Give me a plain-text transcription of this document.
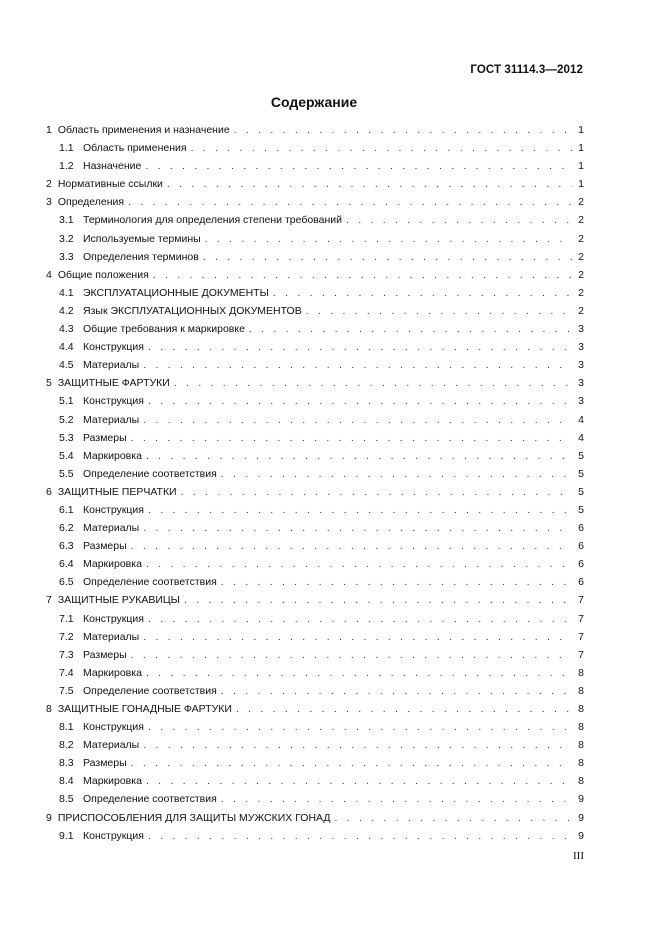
ГОСТ 31114.3—2012
Содержание
1 Область применения и назначение . . .	1
1.1 Область применения . . .	1
1.2 Назначение . . .	1
2 Нормативные ссылки . . .	1
3 Определения . . .	2
3.1 Терминология для определения степени требований . . .	2
3.2 Используемые термины . . .	2
3.3 Определения терминов . . .	2
4 Общие положения . . .	2
4.1 ЭКСПЛУАТАЦИОННЫЕ ДОКУМЕНТЫ . . .	2
4.2 Язык ЭКСПЛУАТАЦИОННЫХ ДОКУМЕНТОВ . . .	2
4.3 Общие требования к маркировке . . .	3
4.4 Конструкция . . .	3
4.5 Материалы . . .	3
5 ЗАЩИТНЫЕ ФАРТУКИ . . .	3
5.1 Конструкция . . .	3
5.2 Материалы . . .	4
5.3 Размеры . . .	4
5.4 Маркировка . . .	5
5.5 Определение соответствия . . .	5
6 ЗАЩИТНЫЕ ПЕРЧАТКИ . . .	5
6.1 Конструкция . . .	5
6.2 Материалы . . .	6
6.3 Размеры . . .	6
6.4 Маркировка . . .	6
6.5 Определение соответствия . . .	6
7 ЗАЩИТНЫЕ РУКАВИЦЫ . . .	7
7.1 Конструкция . . .	7
7.2 Материалы . . .	7
7.3 Размеры . . .	7
7.4 Маркировка . . .	8
7.5 Определение соответствия . . .	8
8 ЗАЩИТНЫЕ ГОНАДНЫЕ ФАРТУКИ . . .	8
8.1 Конструкция . . .	8
8.2 Материалы . . .	8
8.3 Размеры . . .	8
8.4 Маркировка . . .	8
8.5 Определение соответствия . . .	9
9 ПРИСПОСОБЛЕНИЯ ДЛЯ ЗАЩИТЫ МУЖСКИХ ГОНАД . . .	9
9.1 Конструкция . . .	9
III
